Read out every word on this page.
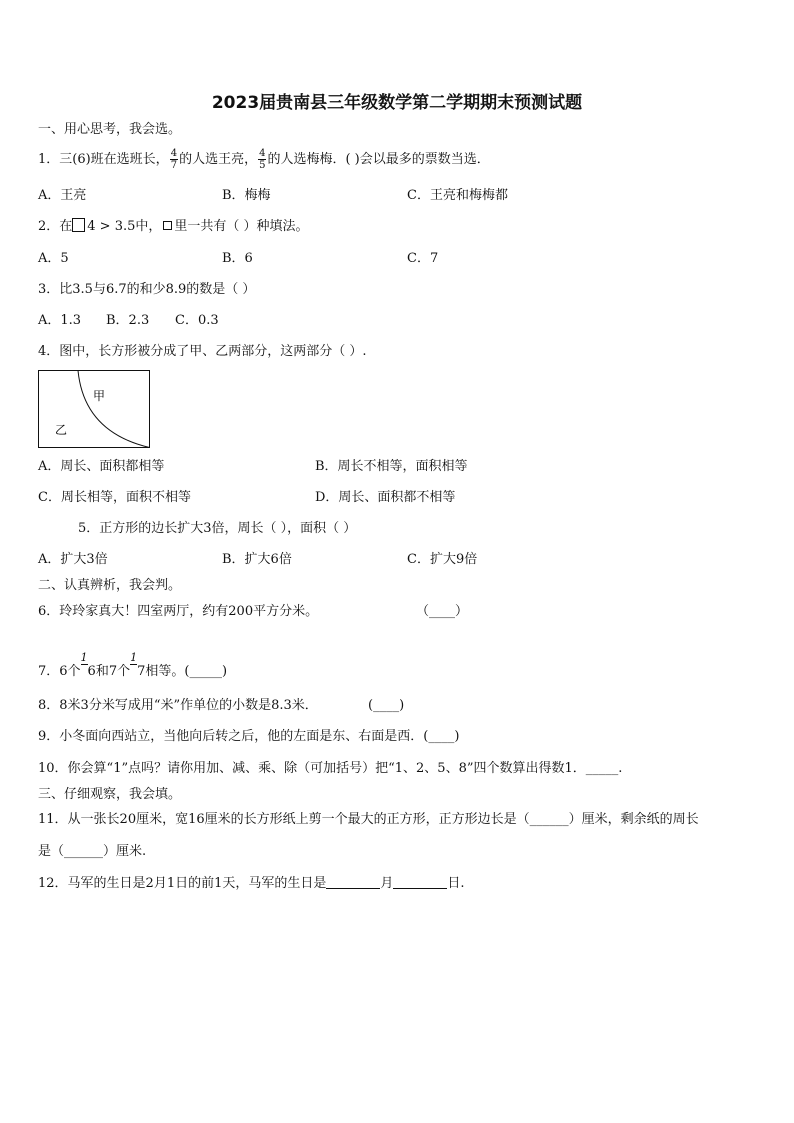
2023届贵南县三年级数学第二学期期末预测试题
一、用心思考，我会选。
1．三(6)班在选班长， $\frac{4}{7}$ 的人选王亮， $\frac{4}{5}$ 的人选梅梅．( )会以最多的票数当选．
A．王亮	B．梅梅	C．王亮和梅梅都
2．在 4 > 3.5中， 里一共有（ ）种填法。
A．5	B．6	C．7
3．比3.5与6.7的和少8.9的数是（ ）
A．1.3 B．2.3 C．0.3
4．图中，长方形被分成了甲、乙两部分，这两部分（ ）.
甲
乙
A．周长、面积都相等	B．周长不相等，面积相等
C．周长相等，面积不相等	D．周长、面积都不相等
5．正方形的边长扩大3倍，周长（ ），面积（ ）
A．扩大3倍	B．扩大6倍	C．扩大9倍
二、认真辨析，我会判。
6．玲玲家真大！四室两厅，约有200平方分米。	（____）
7．6个
1
6和7个
1
7相等。(_____)
8．8米3分米写成用“米”作单位的小数是8.3米．	(____)
9．小冬面向西站立，当他向后转之后，他的左面是东、右面是西．(____)
10．你会算“1”点吗？请你用加、减、乘、除（可加括号）把“1、2、5、8”四个数算出得数1．_____.
三、仔细观察，我会填。
11．从一张长20厘米，宽16厘米的长方形纸上剪一个最大的正方形，正方形边长是（______）厘米，剩余纸的周长
是（______）厘米.
12．马军的生日是2月1日的前1天，马军的生日是	月	日.
